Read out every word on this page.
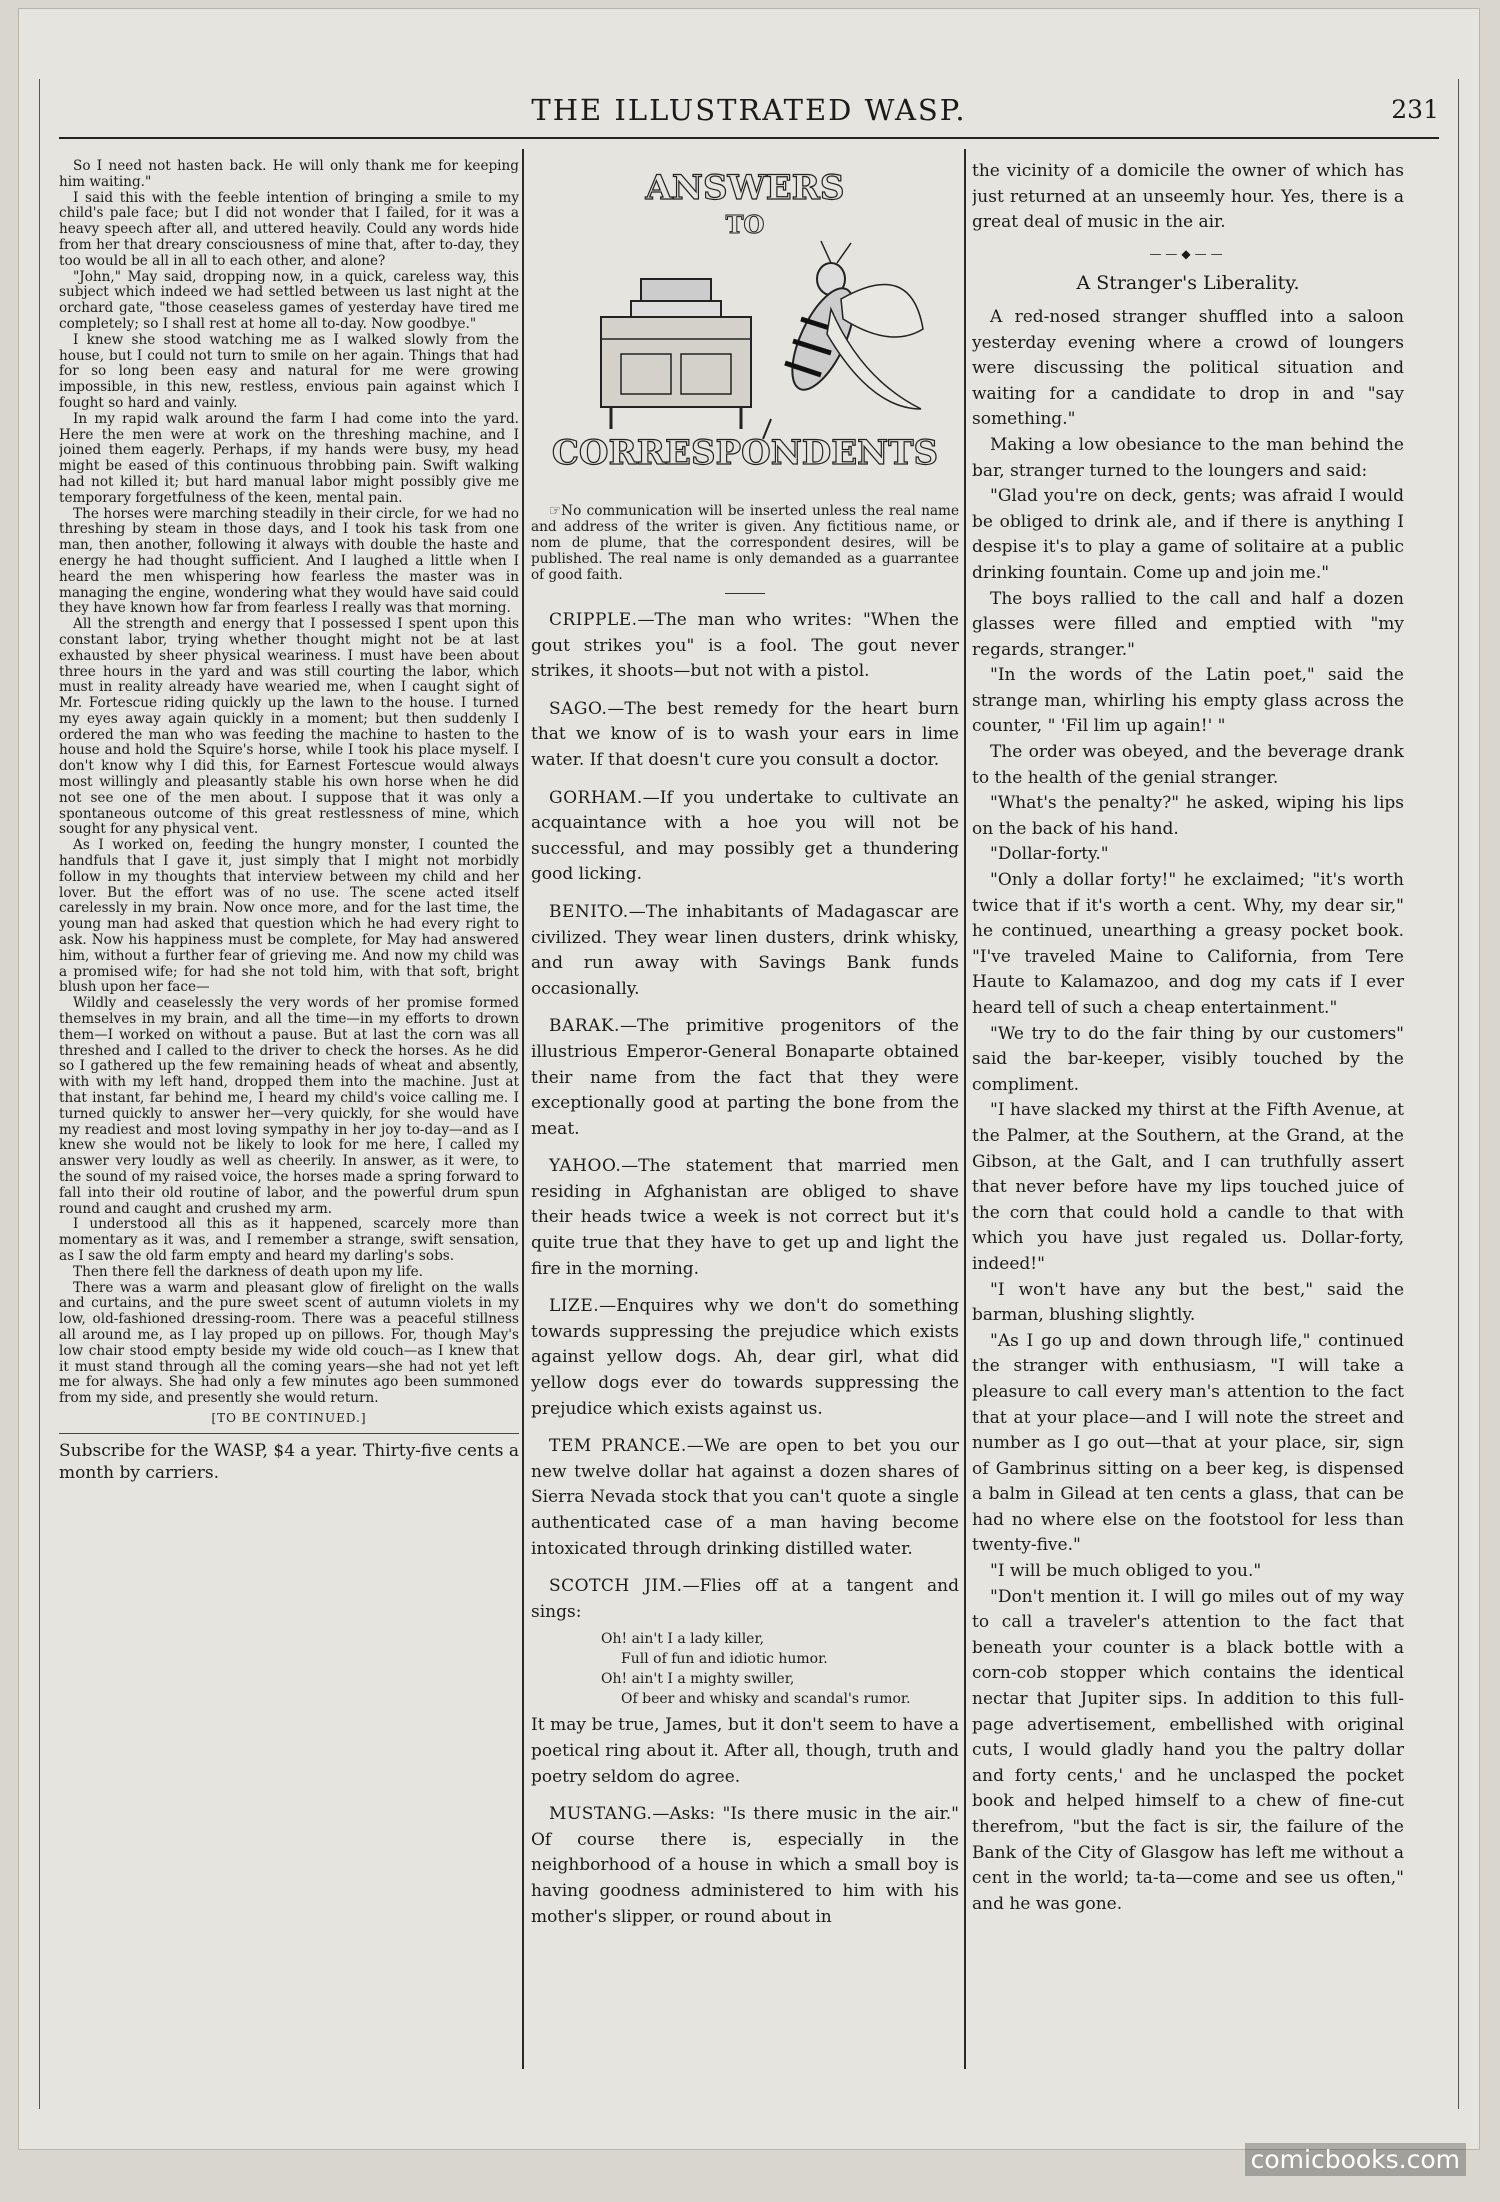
THE ILLUSTRATED WASP.	231

So I need not hasten back. He will only thank me for keeping him waiting."

I said this with the feeble intention of bringing a smile to my child's pale face; but I did not wonder that I failed, for it was a heavy speech after all, and uttered heavily. Could any words hide from her that dreary consciousness of mine that, after to-day, they too would be all in all to each other, and alone?

"John," May said, dropping now, in a quick, careless way, this subject which indeed we had settled between us last night at the orchard gate, "those ceaseless games of yesterday have tired me completely; so I shall rest at home all to-day. Now goodbye."

I knew she stood watching me as I walked slowly from the house, but I could not turn to smile on her again. Things that had for so long been easy and natural for me were growing impossible, in this new, restless, envious pain against which I fought so hard and vainly.

In my rapid walk around the farm I had come into the yard. Here the men were at work on the threshing machine, and I joined them eagerly. Perhaps, if my hands were busy, my head might be eased of this continuous throbbing pain. Swift walking had not killed it; but hard manual labor might possibly give me temporary forgetfulness of the keen, mental pain.

The horses were marching steadily in their circle, for we had no threshing by steam in those days, and I took his task from one man, then another, following it always with double the haste and energy he had thought sufficient. And I laughed a little when I heard the men whispering how fearless the master was in managing the engine, wondering what they would have said could they have known how far from fearless I really was that morning.

All the strength and energy that I possessed I spent upon this constant labor, trying whether thought might not be at last exhausted by sheer physical weariness. I must have been about three hours in the yard and was still courting the labor, which must in reality already have wearied me, when I caught sight of Mr. Fortescue riding quickly up the lawn to the house. I turned my eyes away again quickly in a moment; but then suddenly I ordered the man who was feeding the machine to hasten to the house and hold the Squire's horse, while I took his place myself. I don't know why I did this, for Earnest Fortescue would always most willingly and pleasantly stable his own horse when he did not see one of the men about. I suppose that it was only a spontaneous outcome of this great restlessness of mine, which sought for any physical vent.

As I worked on, feeding the hungry monster, I counted the handfuls that I gave it, just simply that I might not morbidly follow in my thoughts that interview between my child and her lover. But the effort was of no use. The scene acted itself carelessly in my brain. Now once more, and for the last time, the young man had asked that question which he had every right to ask. Now his happiness must be complete, for May had answered him, without a further fear of grieving me. And now my child was a promised wife; for had she not told him, with that soft, bright blush upon her face—

Wildly and ceaselessly the very words of her promise formed themselves in my brain, and all the time—in my efforts to drown them—I worked on without a pause. But at last the corn was all threshed and I called to the driver to check the horses. As he did so I gathered up the few remaining heads of wheat and absently, with with my left hand, dropped them into the machine. Just at that instant, far behind me, I heard my child's voice calling me. I turned quickly to answer her—very quickly, for she would have my readiest and most loving sympathy in her joy to-day—and as I knew she would not be likely to look for me here, I called my answer very loudly as well as cheerily. In answer, as it were, to the sound of my raised voice, the horses made a spring forward to fall into their old routine of labor, and the powerful drum spun round and caught and crushed my arm.

I understood all this as it happened, scarcely more than momentary as it was, and I remember a strange, swift sensation, as I saw the old farm empty and heard my darling's sobs.

Then there fell the darkness of death upon my life.

There was a warm and pleasant glow of firelight on the walls and curtains, and the pure sweet scent of autumn violets in my low, old-fashioned dressing-room. There was a peaceful stillness all around me, as I lay proped up on pillows. For, though May's low chair stood empty beside my wide old couch—as I knew that it must stand through all the coming years—she had not yet left me for always. She had only a few minutes ago been summoned from my side, and presently she would return.

[TO BE CONTINUED.]
Subscribe for the WASP, $4 a year. Thirty-five cents a month by carriers.
ANSWERS
TO
CORRESPONDENTS

☞No communication will be inserted unless the real name and address of the writer is given. Any fictitious name, or nom de plume, that the correspondent desires, will be published. The real name is only demanded as a guarrantee of good faith.

CRIPPLE.—The man who writes: "When the gout strikes you" is a fool. The gout never strikes, it shoots—but not with a pistol.

SAGO.—The best remedy for the heart burn that we know of is to wash your ears in lime water. If that doesn't cure you consult a doctor.

GORHAM.—If you undertake to cultivate an acquaintance with a hoe you will not be successful, and may possibly get a thundering good licking.

BENITO.—The inhabitants of Madagascar are civilized. They wear linen dusters, drink whisky, and run away with Savings Bank funds occasionally.

BARAK.—The primitive progenitors of the illustrious Emperor-General Bonaparte obtained their name from the fact that they were exceptionally good at parting the bone from the meat.

YAHOO.—The statement that married men residing in Afghanistan are obliged to shave their heads twice a week is not correct but it's quite true that they have to get up and light the fire in the morning.

LIZE.—Enquires why we don't do something towards suppressing the prejudice which exists against yellow dogs. Ah, dear girl, what did yellow dogs ever do towards suppressing the prejudice which exists against us.

TEM PRANCE.—We are open to bet you our new twelve dollar hat against a dozen shares of Sierra Nevada stock that you can't quote a single authenticated case of a man having become intoxicated through drinking distilled water.

SCOTCH JIM.—Flies off at a tangent and sings:

Oh! ain't I a lady killer,
Full of fun and idiotic humor.
Oh! ain't I a mighty swiller,
Of beer and whisky and scandal's rumor.

It may be true, James, but it don't seem to have a poetical ring about it. After all, though, truth and poetry seldom do agree.

MUSTANG.—Asks: "Is there music in the air." Of course there is, especially in the neighborhood of a house in which a small boy is having goodness administered to him with his mother's slipper, or round about in

the vicinity of a domicile the owner of which has just returned at an unseemly hour. Yes, there is a great deal of music in the air.

——◆——
A Stranger's Liberality.

A red-nosed stranger shuffled into a saloon yesterday evening where a crowd of loungers were discussing the political situation and waiting for a candidate to drop in and "say something."

Making a low obesiance to the man behind the bar, stranger turned to the loungers and said:

"Glad you're on deck, gents; was afraid I would be obliged to drink ale, and if there is anything I despise it's to play a game of solitaire at a public drinking fountain. Come up and join me."

The boys rallied to the call and half a dozen glasses were filled and emptied with "my regards, stranger."

"In the words of the Latin poet," said the strange man, whirling his empty glass across the counter, " 'Fil lim up again!' "

The order was obeyed, and the beverage drank to the health of the genial stranger.

"What's the penalty?" he asked, wiping his lips on the back of his hand.

"Dollar-forty."

"Only a dollar forty!" he exclaimed; "it's worth twice that if it's worth a cent. Why, my dear sir," he continued, unearthing a greasy pocket book. "I've traveled Maine to California, from Tere Haute to Kalamazoo, and dog my cats if I ever heard tell of such a cheap entertainment."

"We try to do the fair thing by our customers" said the bar-keeper, visibly touched by the compliment.

"I have slacked my thirst at the Fifth Avenue, at the Palmer, at the Southern, at the Grand, at the Gibson, at the Galt, and I can truthfully assert that never before have my lips touched juice of the corn that could hold a candle to that with which you have just regaled us. Dollar-forty, indeed!"

"I won't have any but the best," said the barman, blushing slightly.

"As I go up and down through life," continued the stranger with enthusiasm, "I will take a pleasure to call every man's attention to the fact that at your place—and I will note the street and number as I go out—that at your place, sir, sign of Gambrinus sitting on a beer keg, is dispensed a balm in Gilead at ten cents a glass, that can be had no where else on the footstool for less than twenty-five."

"I will be much obliged to you."

"Don't mention it. I will go miles out of my way to call a traveler's attention to the fact that beneath your counter is a black bottle with a corn-cob stopper which contains the identical nectar that Jupiter sips. In addition to this full-page advertisement, embellished with original cuts, I would gladly hand you the paltry dollar and forty cents,' and he unclasped the pocket book and helped himself to a chew of fine-cut therefrom, "but the fact is sir, the failure of the Bank of the City of Glasgow has left me without a cent in the world; ta-ta—come and see us often," and he was gone.

comicbooks.com
